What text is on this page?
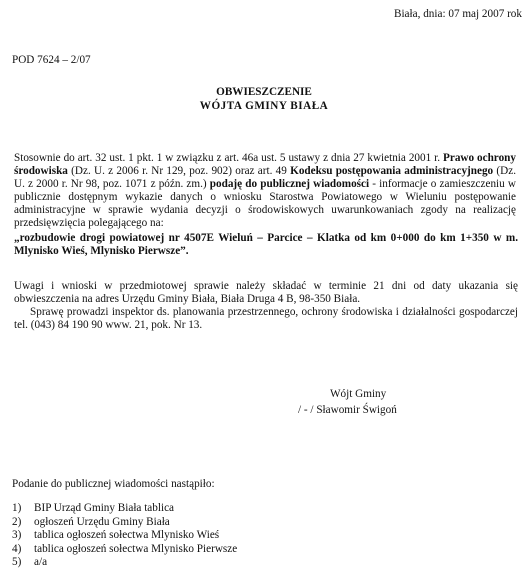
Biała, dnia: 07 maj 2007 rok
POD 7624 – 2/07
OBWIESZCZENIE
WÓJTA GMINY BIAŁA

Stosownie do art. 32 ust. 1 pkt. 1 w związku z art. 46a ust. 5 ustawy z dnia 27 kwietnia 2001 r. Prawo ochrony środowiska (Dz. U. z 2006 r. Nr 129, poz. 902) oraz art. 49 Kodeksu postępowania administracyjnego (Dz. U. z 2000 r. Nr 98, poz. 1071 z późn. zm.) podaję do publicznej wiadomości - informacje o zamieszczeniu w publicznie dostępnym wykazie danych o wniosku Starostwa Powiatowego w Wieluniu postępowanie administracyjne w sprawie wydania decyzji o środowiskowych uwarunkowaniach zgody na realizację przedsięwzięcia polegającego na:

„rozbudowie drogi powiatowej nr 4507E Wieluń – Parcice – Klatka od km 0+000 do km 1+350 w m. Mlynisko Wieś, Mlynisko Pierwsze”.
Uwagi i wnioski w przedmiotowej sprawie należy składać w terminie 21 dni od daty ukazania się obwieszczenia na adres Urzędu Gminy Biała, Biała Druga 4 B, 98-350 Biała.
Sprawę prowadzi inspektor ds. planowania przestrzennego, ochrony środowiska i działalności gospodarczej tel. (043) 84 190 90 www. 21, pok. Nr 13.
Wójt Gminy
/ - / Sławomir Świgoń
Podanie do publicznej wiadomości nastąpiło:
1) BIP Urząd Gminy Biała tablica
2) ogłoszeń Urzędu Gminy Biała
3) tablica ogłoszeń sołectwa Mlynisko Wieś
4) tablica ogłoszeń sołectwa Mlynisko Pierwsze
5) a/a
